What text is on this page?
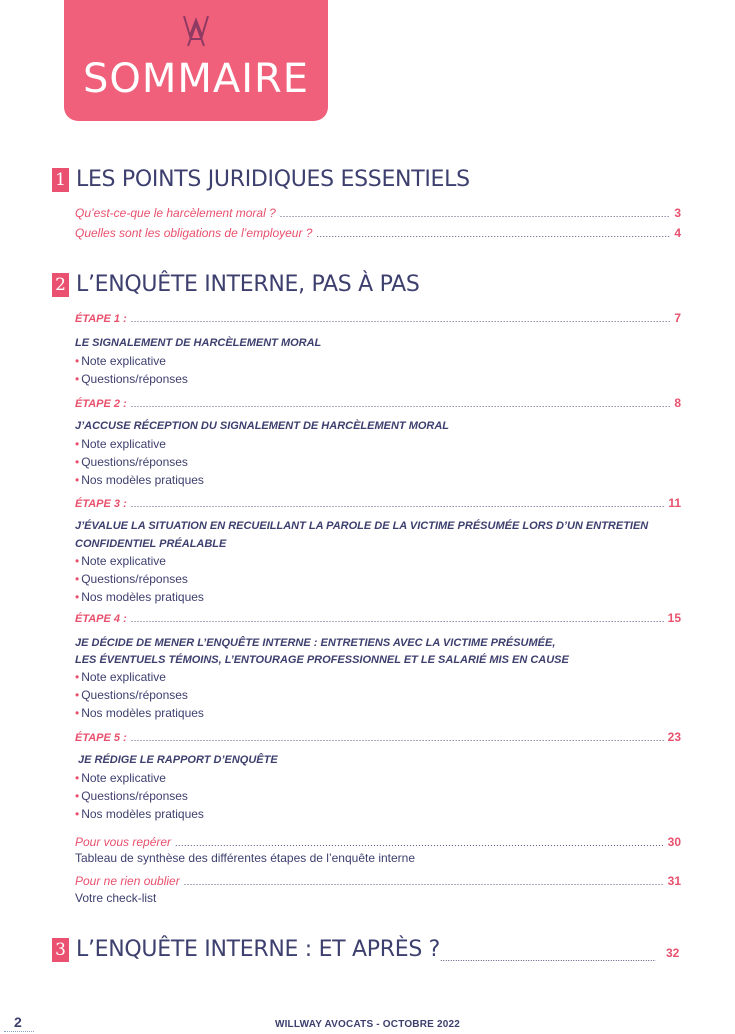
SOMMAIRE
1 LES POINTS JURIDIQUES ESSENTIELS
Qu’est-ce-que le harcèlement moral ? .....	3
Quelles sont les obligations de l’employeur ? .....	4
2 L’ENQUÊTE INTERNE, PAS À PAS
ÉTAPE 1 : .....	7
LE SIGNALEMENT DE HARCÈLEMENT MORAL
• Note explicative
• Questions/réponses
ÉTAPE 2 : .....	8
J’ACCUSE RÉCEPTION DU SIGNALEMENT DE HARCÈLEMENT MORAL
• Note explicative
• Questions/réponses
• Nos modèles pratiques
ÉTAPE 3 : .....	11
J’ÉVALUE LA SITUATION EN RECUEILLANT LA PAROLE DE LA VICTIME PRÉSUMÉE LORS D’UN ENTRETIEN
CONFIDENTIEL PRÉALABLE
• Note explicative
• Questions/réponses
• Nos modèles pratiques
ÉTAPE 4 : .....	15
JE DÉCIDE DE MENER L’ENQUÊTE INTERNE : ENTRETIENS AVEC LA VICTIME PRÉSUMÉE,
LES ÉVENTUELS TÉMOINS, L’ENTOURAGE PROFESSIONNEL ET LE SALARIÉ MIS EN CAUSE
• Note explicative
• Questions/réponses
• Nos modèles pratiques
ÉTAPE 5 : .....	23
JE RÉDIGE LE RAPPORT D’ENQUÊTE
• Note explicative
• Questions/réponses
• Nos modèles pratiques
Pour vous repérer .....	30
Tableau de synthèse des différentes étapes de l’enquête interne
Pour ne rien oublier .....	31
Votre check-list
3 L’ENQUÊTE INTERNE : ET APRÈS ? .....	32
2	WILLWAY AVOCATS - OCTOBRE 2022
